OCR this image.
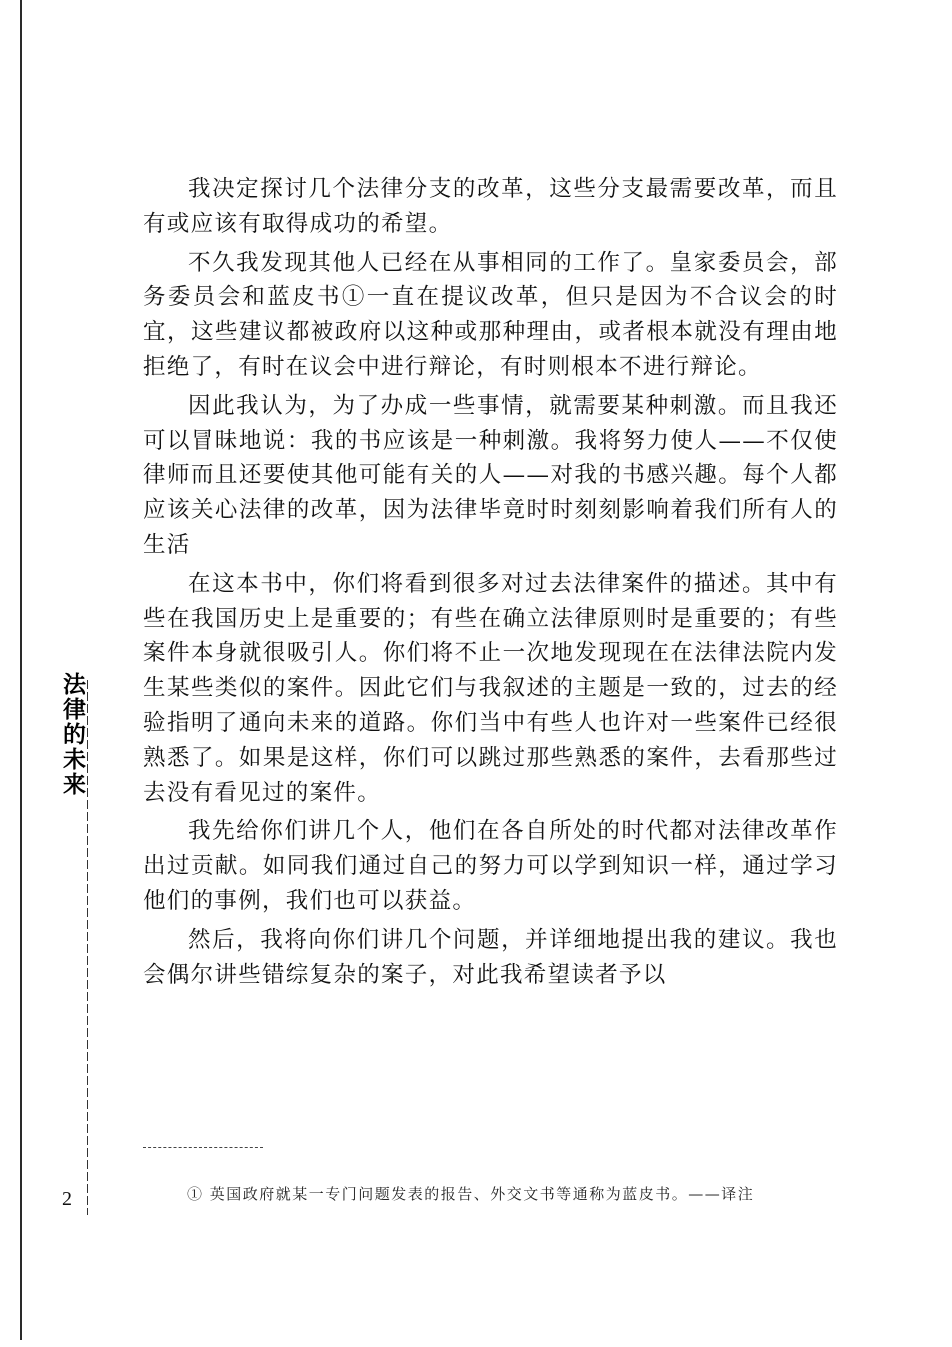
法律的未来
2

我决定探讨几个法律分支的改革，这些分支最需要改革，而且有或应该有取得成功的希望。

不久我发现其他人已经在从事相同的工作了。皇家委员会，部务委员会和蓝皮书①一直在提议改革，但只是因为不合议会的时宜，这些建议都被政府以这种或那种理由，或者根本就没有理由地拒绝了，有时在议会中进行辩论，有时则根本不进行辩论。

因此我认为，为了办成一些事情，就需要某种刺激。而且我还可以冒昧地说：我的书应该是一种刺激。我将努力使人——不仅使律师而且还要使其他可能有关的人——对我的书感兴趣。每个人都应该关心法律的改革，因为法律毕竟时时刻刻影响着我们所有人的生活

在这本书中，你们将看到很多对过去法律案件的描述。其中有些在我国历史上是重要的；有些在确立法律原则时是重要的；有些案件本身就很吸引人。你们将不止一次地发现现在在法律法院内发生某些类似的案件。因此它们与我叙述的主题是一致的，过去的经验指明了通向未来的道路。你们当中有些人也许对一些案件已经很熟悉了。如果是这样，你们可以跳过那些熟悉的案件，去看那些过去没有看见过的案件。

我先给你们讲几个人，他们在各自所处的时代都对法律改革作出过贡献。如同我们通过自己的努力可以学到知识一样，通过学习他们的事例，我们也可以获益。

然后，我将向你们讲几个问题，并详细地提出我的建议。我也会偶尔讲些错综复杂的案子，对此我希望读者予以

① 英国政府就某一专门问题发表的报告、外交文书等通称为蓝皮书。——译注
